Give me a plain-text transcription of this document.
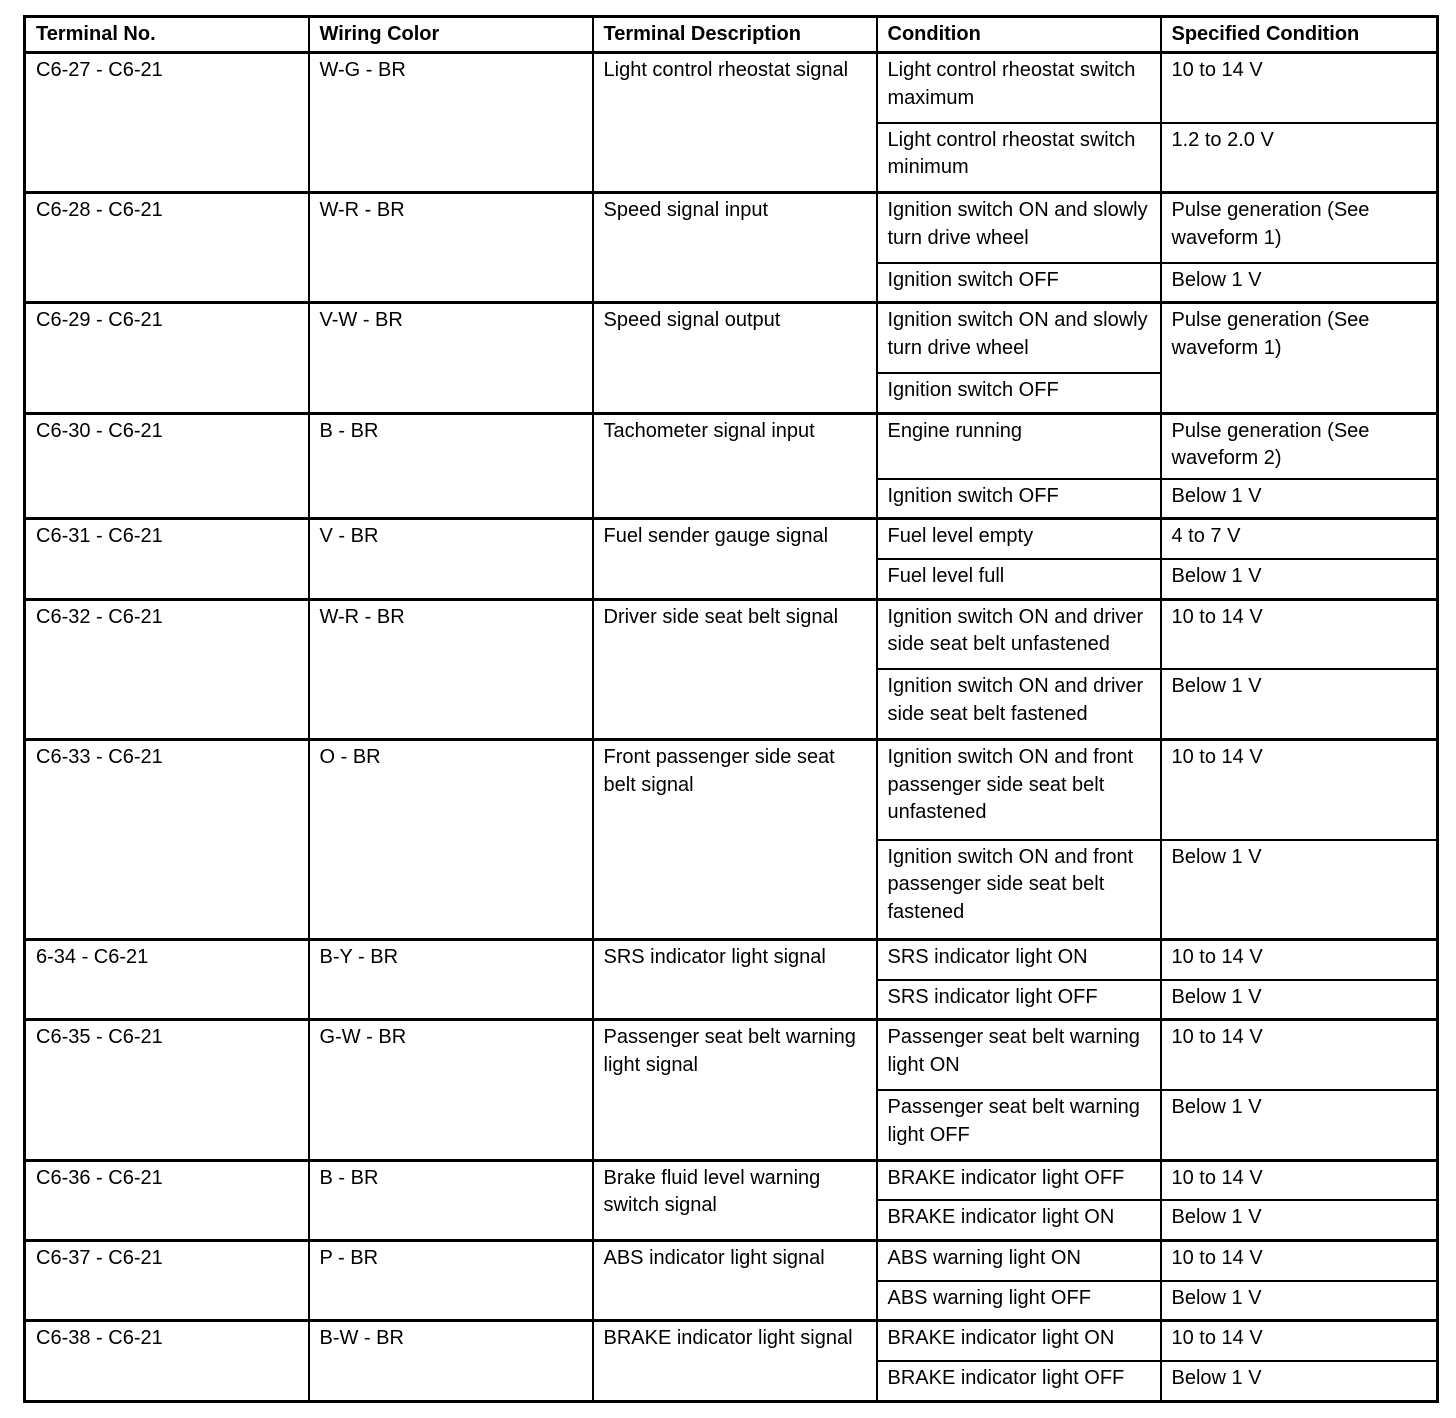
Terminal No.	Wiring Color	Terminal Description	Condition	Specified Condition
C6-27 - C6-21	W-G - BR	Light control rheostat signal	Light control rheostat switch maximum	10 to 14 V
			Light control rheostat switch minimum	1.2 to 2.0 V
C6-28 - C6-21	W-R - BR	Speed signal input	Ignition switch ON and slowly turn drive wheel	Pulse generation (See waveform 1)
			Ignition switch OFF	Below 1 V
C6-29 - C6-21	V-W - BR	Speed signal output	Ignition switch ON and slowly turn drive wheel	Pulse generation (See waveform 1)
			Ignition switch OFF	
C6-30 - C6-21	B - BR	Tachometer signal input	Engine running	Pulse generation (See waveform 2)
			Ignition switch OFF	Below 1 V
C6-31 - C6-21	V - BR	Fuel sender gauge signal	Fuel level empty	4 to 7 V
			Fuel level full	Below 1 V
C6-32 - C6-21	W-R - BR	Driver side seat belt signal	Ignition switch ON and driver side seat belt unfastened	10 to 14 V
			Ignition switch ON and driver side seat belt fastened	Below 1 V
C6-33 - C6-21	O - BR	Front passenger side seat belt signal	Ignition switch ON and front passenger side seat belt unfastened	10 to 14 V
			Ignition switch ON and front passenger side seat belt fastened	Below 1 V
6-34 - C6-21	B-Y - BR	SRS indicator light signal	SRS indicator light ON	10 to 14 V
			SRS indicator light OFF	Below 1 V
C6-35 - C6-21	G-W - BR	Passenger seat belt warning light signal	Passenger seat belt warning light ON	10 to 14 V
			Passenger seat belt warning light OFF	Below 1 V
C6-36 - C6-21	B - BR	Brake fluid level warning switch signal	BRAKE indicator light OFF	10 to 14 V
			BRAKE indicator light ON	Below 1 V
C6-37 - C6-21	P - BR	ABS indicator light signal	ABS warning light ON	10 to 14 V
			ABS warning light OFF	Below 1 V
C6-38 - C6-21	B-W - BR	BRAKE indicator light signal	BRAKE indicator light ON	10 to 14 V
			BRAKE indicator light OFF	Below 1 V
